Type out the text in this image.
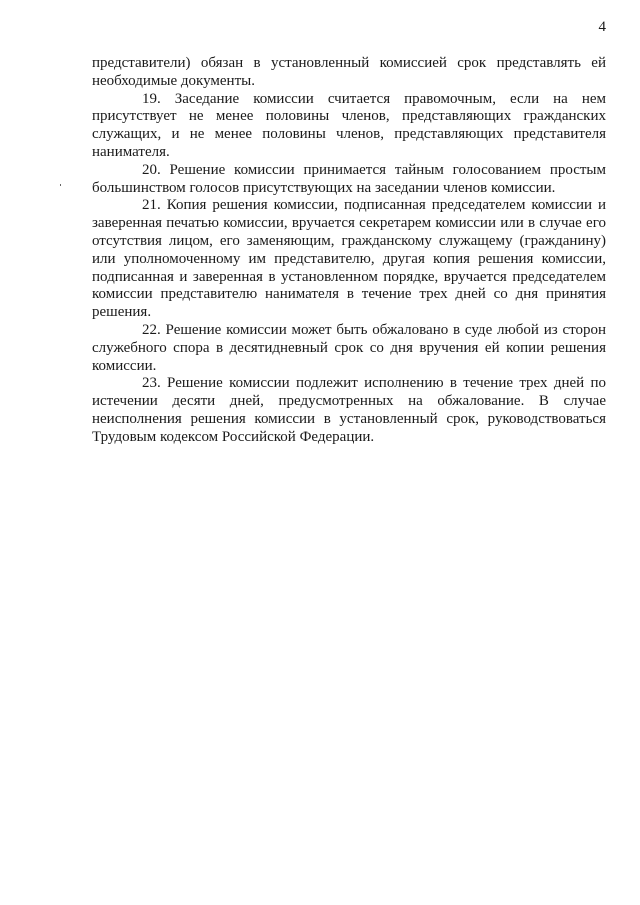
4

представители) обязан в установленный комиссией срок представлять ей необходимые документы.

19. Заседание комиссии считается правомочным, если на нем присутствует не менее половины членов, представляющих гражданских служащих, и не менее половины членов, представляющих представителя нанимателя.

20. Решение комиссии принимается тайным голосованием простым большинством голосов присутствующих на заседании членов комиссии.

21. Копия решения комиссии, подписанная председателем комиссии и заверенная печатью комиссии, вручается секретарем комиссии или в случае его отсутствия лицом, его заменяющим, гражданскому служащему (гражданину) или уполномоченному им представителю, другая копия решения комиссии, подписанная и заверенная в установленном порядке, вручается председателем комиссии представителю нанимателя в течение трех дней со дня принятия решения.

22. Решение комиссии может быть обжаловано в суде любой из сторон служебного спора в десятидневный срок со дня вручения ей копии решения комиссии.

23. Решение комиссии подлежит исполнению в течение трех дней по истечении десяти дней, предусмотренных на обжалование. В случае неисполнения решения комиссии в установленный срок, руководствоваться Трудовым кодексом Российской Федерации.
